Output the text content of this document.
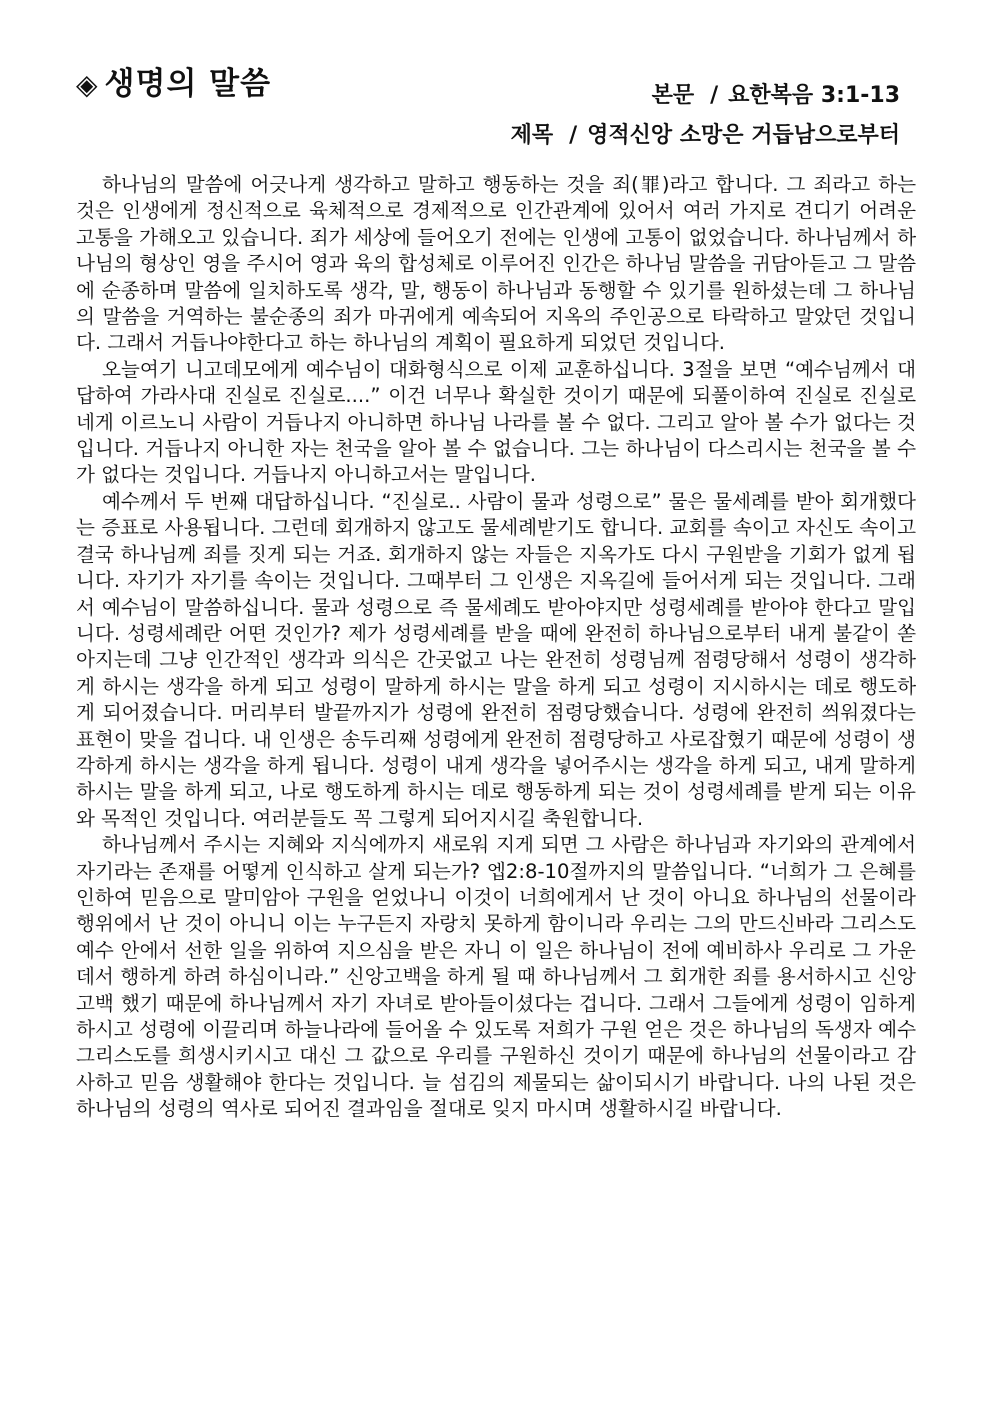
◈ 생명의 말씀	본문 / 요한복음 3:1-13
제목 / 영적신앙 소망은 거듭남으로부터

하나님의 말씀에 어긋나게 생각하고 말하고 행동하는 것을 죄(罪)라고 합니다. 그 죄라고 하는 것은 인생에게 정신적으로 육체적으로 경제적으로 인간관계에 있어서 여러 가지로 견디기 어려운 고통을 가해오고 있습니다. 죄가 세상에 들어오기 전에는 인생에 고통이 없었습니다. 하나님께서 하나님의 형상인 영을 주시어 영과 육의 합성체로 이루어진 인간은 하나님 말씀을 귀담아듣고 그 말씀에 순종하며 말씀에 일치하도록 생각, 말, 행동이 하나님과 동행할 수 있기를 원하셨는데 그 하나님의 말씀을 거역하는 불순종의 죄가 마귀에게 예속되어 지옥의 주인공으로 타락하고 말았던 것입니다. 그래서 거듭나야한다고 하는 하나님의 계획이 필요하게 되었던 것입니다.

오늘여기 니고데모에게 예수님이 대화형식으로 이제 교훈하십니다. 3절을 보면 “예수님께서 대답하여 가라사대 진실로 진실로....” 이건 너무나 확실한 것이기 때문에 되풀이하여 진실로 진실로 네게 이르노니 사람이 거듭나지 아니하면 하나님 나라를 볼 수 없다. 그리고 알아 볼 수가 없다는 것입니다. 거듭나지 아니한 자는 천국을 알아 볼 수 없습니다. 그는 하나님이 다스리시는 천국을 볼 수가 없다는 것입니다. 거듭나지 아니하고서는 말입니다.

예수께서 두 번째 대답하십니다. “진실로.. 사람이 물과 성령으로” 물은 물세례를 받아 회개했다는 증표로 사용됩니다. 그런데 회개하지 않고도 물세례받기도 합니다. 교회를 속이고 자신도 속이고 결국 하나님께 죄를 짓게 되는 거죠. 회개하지 않는 자들은 지옥가도 다시 구원받을 기회가 없게 됩니다. 자기가 자기를 속이는 것입니다. 그때부터 그 인생은 지옥길에 들어서게 되는 것입니다. 그래서 예수님이 말씀하십니다. 물과 성령으로 즉 물세례도 받아야지만 성령세례를 받아야 한다고 말입니다. 성령세례란 어떤 것인가? 제가 성령세례를 받을 때에 완전히 하나님으로부터 내게 불같이 쏟아지는데 그냥 인간적인 생각과 의식은 간곳없고 나는 완전히 성령님께 점령당해서 성령이 생각하게 하시는 생각을 하게 되고 성령이 말하게 하시는 말을 하게 되고 성령이 지시하시는 데로 행도하게 되어졌습니다. 머리부터 발끝까지가 성령에 완전히 점령당했습니다. 성령에 완전히 씌워졌다는 표현이 맞을 겁니다. 내 인생은 송두리째 성령에게 완전히 점령당하고 사로잡혔기 때문에 성령이 생각하게 하시는 생각을 하게 됩니다. 성령이 내게 생각을 넣어주시는 생각을 하게 되고, 내게 말하게 하시는 말을 하게 되고, 나로 행도하게 하시는 데로 행동하게 되는 것이 성령세례를 받게 되는 이유와 목적인 것입니다. 여러분들도 꼭 그렇게 되어지시길 축원합니다.

하나님께서 주시는 지혜와 지식에까지 새로워 지게 되면 그 사람은 하나님과 자기와의 관계에서 자기라는 존재를 어떻게 인식하고 살게 되는가? 엡2:8-10절까지의 말씀입니다. “너희가 그 은혜를 인하여 믿음으로 말미암아 구원을 얻었나니 이것이 너희에게서 난 것이 아니요 하나님의 선물이라 행위에서 난 것이 아니니 이는 누구든지 자랑치 못하게 함이니라 우리는 그의 만드신바라 그리스도 예수 안에서 선한 일을 위하여 지으심을 받은 자니 이 일은 하나님이 전에 예비하사 우리로 그 가운데서 행하게 하려 하심이니라.” 신앙고백을 하게 될 때 하나님께서 그 회개한 죄를 용서하시고 신앙고백 했기 때문에 하나님께서 자기 자녀로 받아들이셨다는 겁니다. 그래서 그들에게 성령이 임하게 하시고 성령에 이끌리며 하늘나라에 들어올 수 있도록 저희가 구원 얻은 것은 하나님의 독생자 예수 그리스도를 희생시키시고 대신 그 값으로 우리를 구원하신 것이기 때문에 하나님의 선물이라고 감사하고 믿음 생활해야 한다는 것입니다. 늘 섬김의 제물되는 삶이되시기 바랍니다. 나의 나된 것은 하나님의 성령의 역사로 되어진 결과임을 절대로 잊지 마시며 생활하시길 바랍니다.
